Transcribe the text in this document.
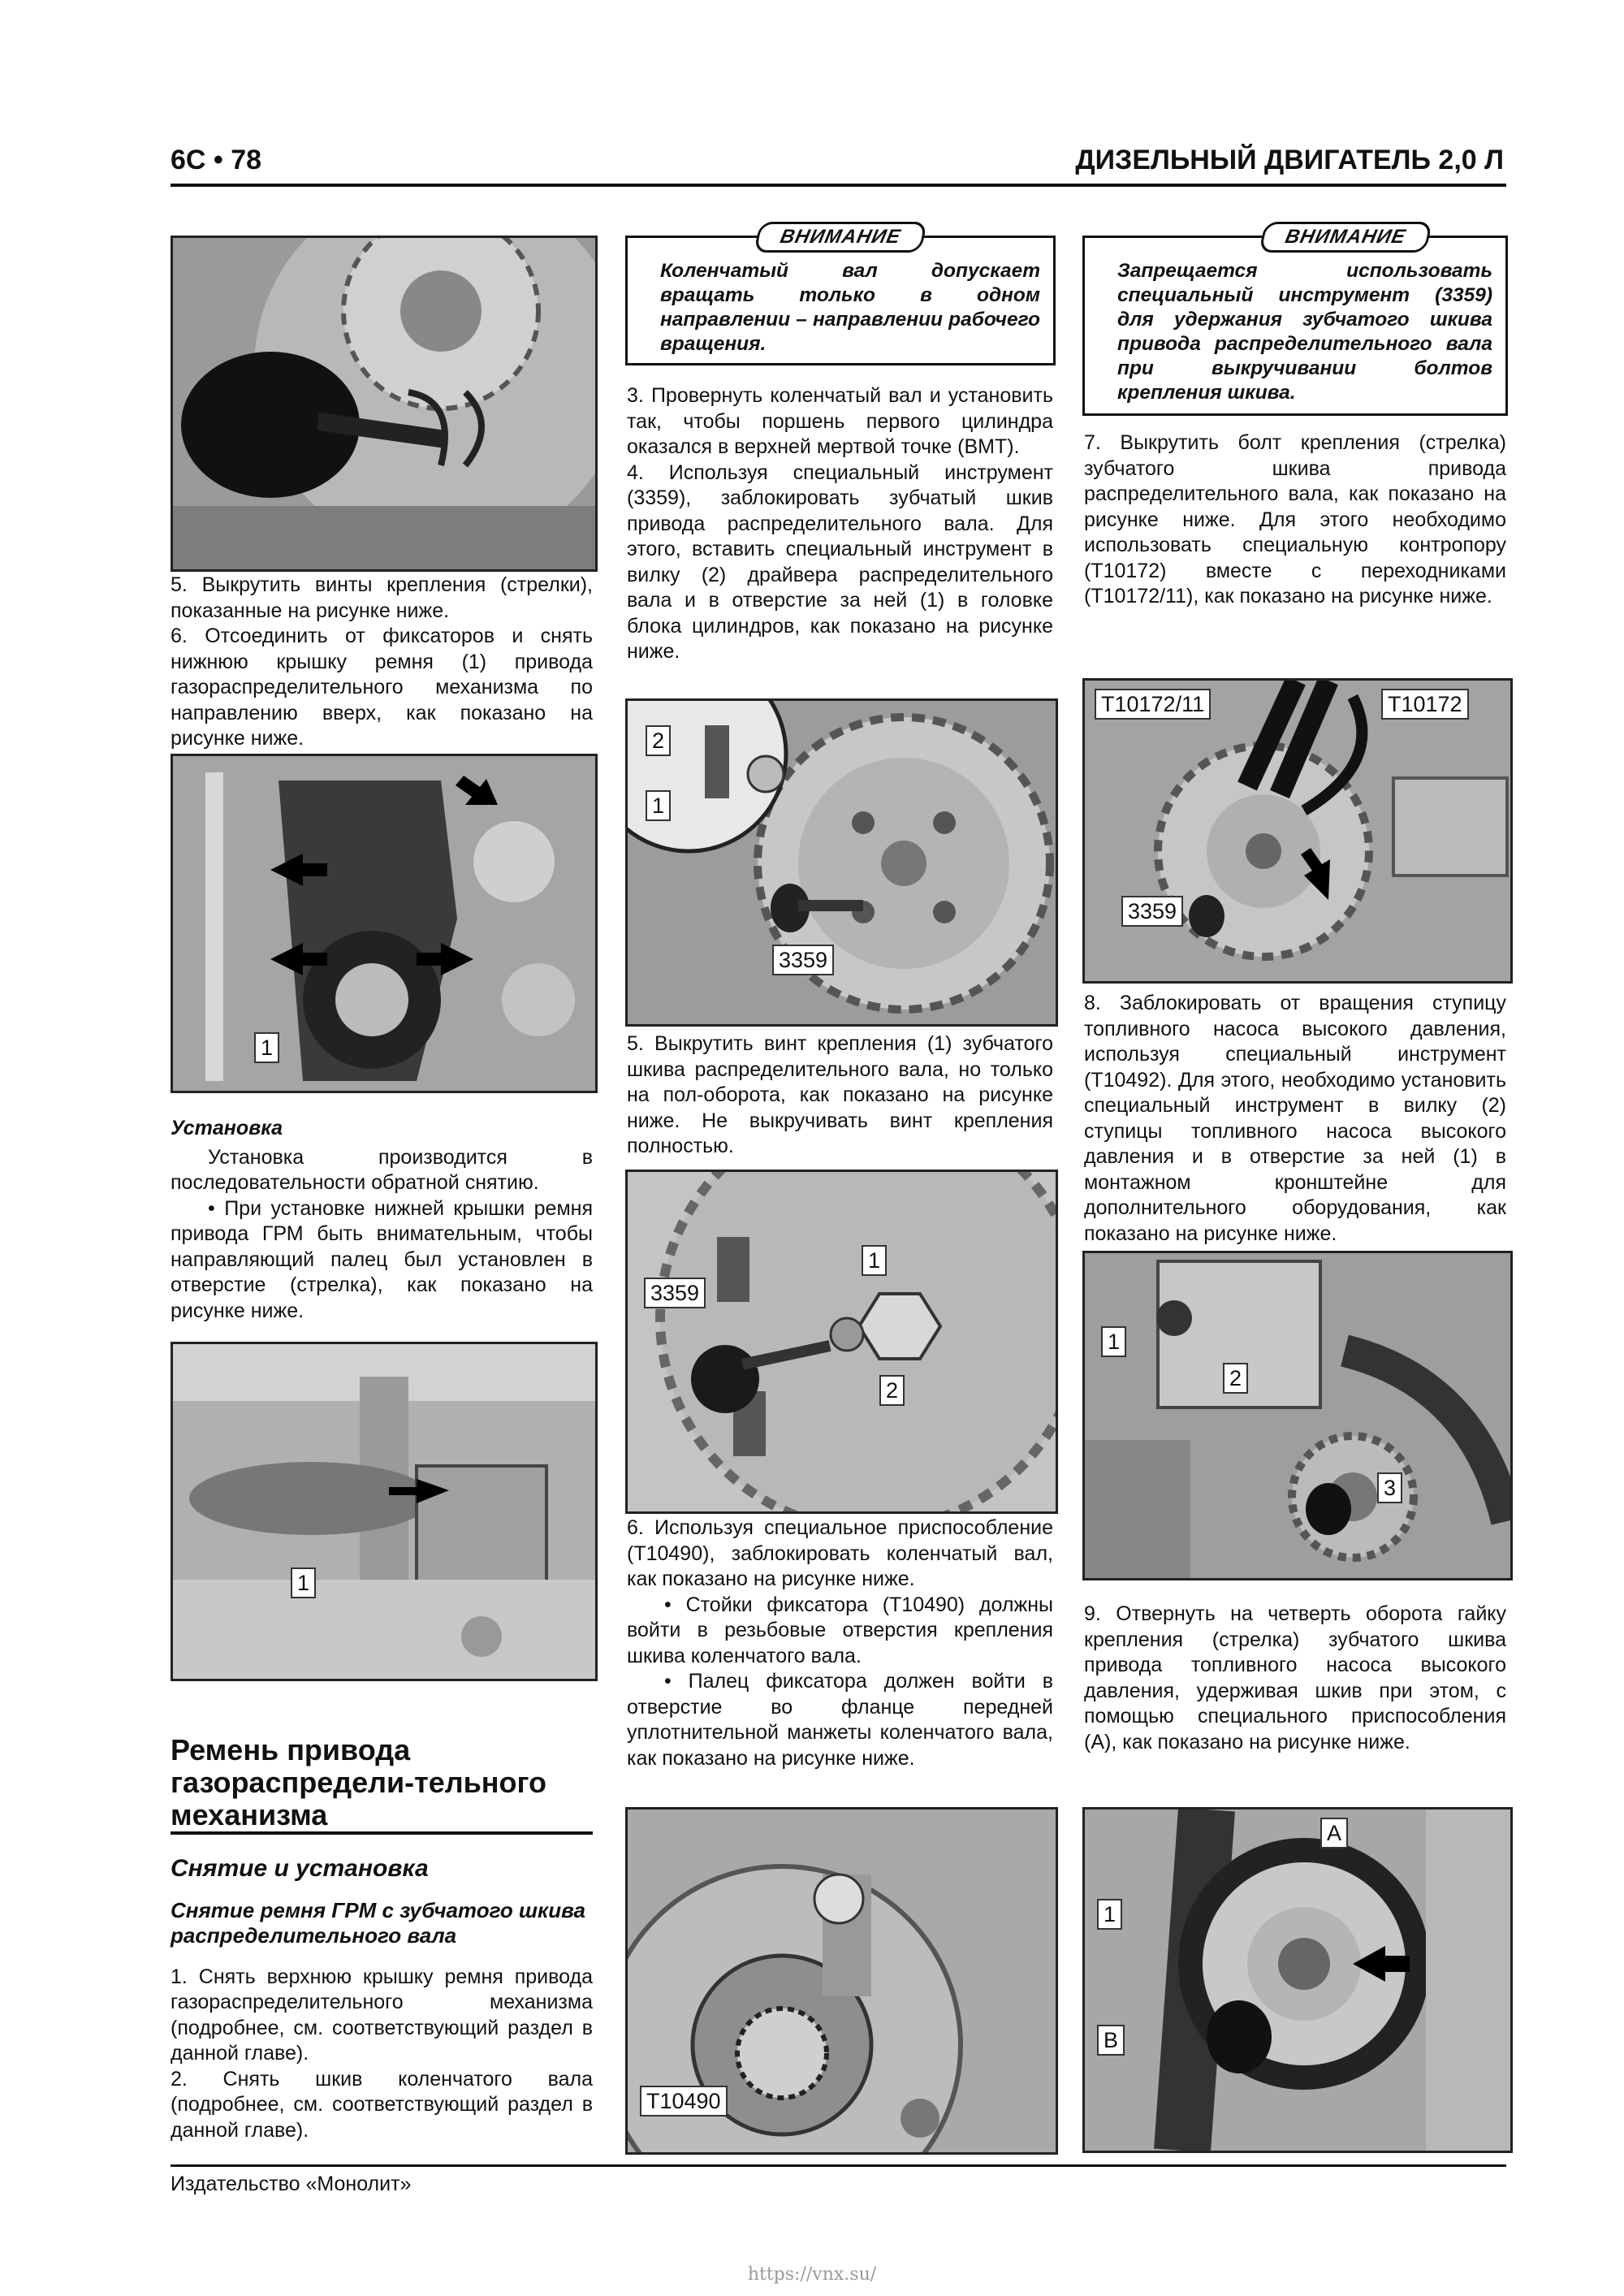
6C • 78	ДИЗЕЛЬНЫЙ ДВИГАТЕЛЬ 2,0 Л

5. Выкрутить винты крепления (стрелки), показанные на рисунке ниже.

6. Отсоединить от фиксаторов и снять нижнюю крышку ремня (1) привода газораспределительного механизма по направлению вверх, как показано на рисунке ниже.

1

Установка

Установка производится в последовательности обратной снятию.

• При установке нижней крышки ремня привода ГРМ быть внимательным, чтобы направляющий палец был установлен в отверстие (стрелка), как показано на рисунке ниже.

1

Ремень привода газораспредели-тельного механизма

Снятие и установка

Снятие ремня ГРМ с зубчатого шкива распределительного вала

1. Снять верхнюю крышку ремня привода газораспределительного механизма (подробнее, см. соответствующий раздел в данной главе).

2. Снять шкив коленчатого вала (подробнее, см. соответствующий раздел в данной главе).

ВНИМАНИЕ
Коленчатый вал допускает вращать только в одном направлении – направлении рабочего вращения.

3. Провернуть коленчатый вал и установить так, чтобы поршень первого цилиндра оказался в верхней мертвой точке (ВМТ).

4. Используя специальный инструмент (3359), заблокировать зубчатый шкив привода распределительного вала. Для этого, вставить специальный инструмент в вилку (2) драйвера распределительного вала и в отверстие за ней (1) в головке блока цилиндров, как показано на рисунке ниже.

2
1
3359

5. Выкрутить винт крепления (1) зубчатого шкива распределительного вала, но только на пол-оборота, как показано на рисунке ниже. Не выкручивать винт крепления полностью.

3359
1
2

6. Используя специальное приспособление (T10490), заблокировать коленчатый вал, как показано на рисунке ниже.

• Стойки фиксатора (T10490) должны войти в резьбовые отверстия крепления шкива коленчатого вала.

• Палец фиксатора должен войти в отверстие во фланце передней уплотнительной манжеты коленчатого вала, как показано на рисунке ниже.

T10490
ВНИМАНИЕ
Запрещается использовать специальный инструмент (3359) для удержания зубчатого шкива привода распределительного вала при выкручивании болтов крепления шкива.

7. Выкрутить болт крепления (стрелка) зубчатого шкива привода распределительного вала, как показано на рисунке ниже. Для этого необходимо использовать специальную контропору (T10172) вместе с переходниками (T10172/11), как показано на рисунке ниже.

T10172/11	T10172
3359

8. Заблокировать от вращения ступицу топливного насоса высокого давления, используя специальный инструмент (T10492). Для этого, необходимо установить специальный инструмент в вилку (2) ступицы топливного насоса высокого давления и в отверстие за ней (1) в монтажном кронштейне для дополнительного оборудования, как показано на рисунке ниже.

1
2
3

9. Отвернуть на четверть оборота гайку крепления (стрелка) зубчатого шкива привода топливного насоса высокого давления, удерживая шкив при этом, с помощью специального приспособления (A), как показано на рисунке ниже.

A
1
B
Издательство «Монолит»
https://vnx.su/
